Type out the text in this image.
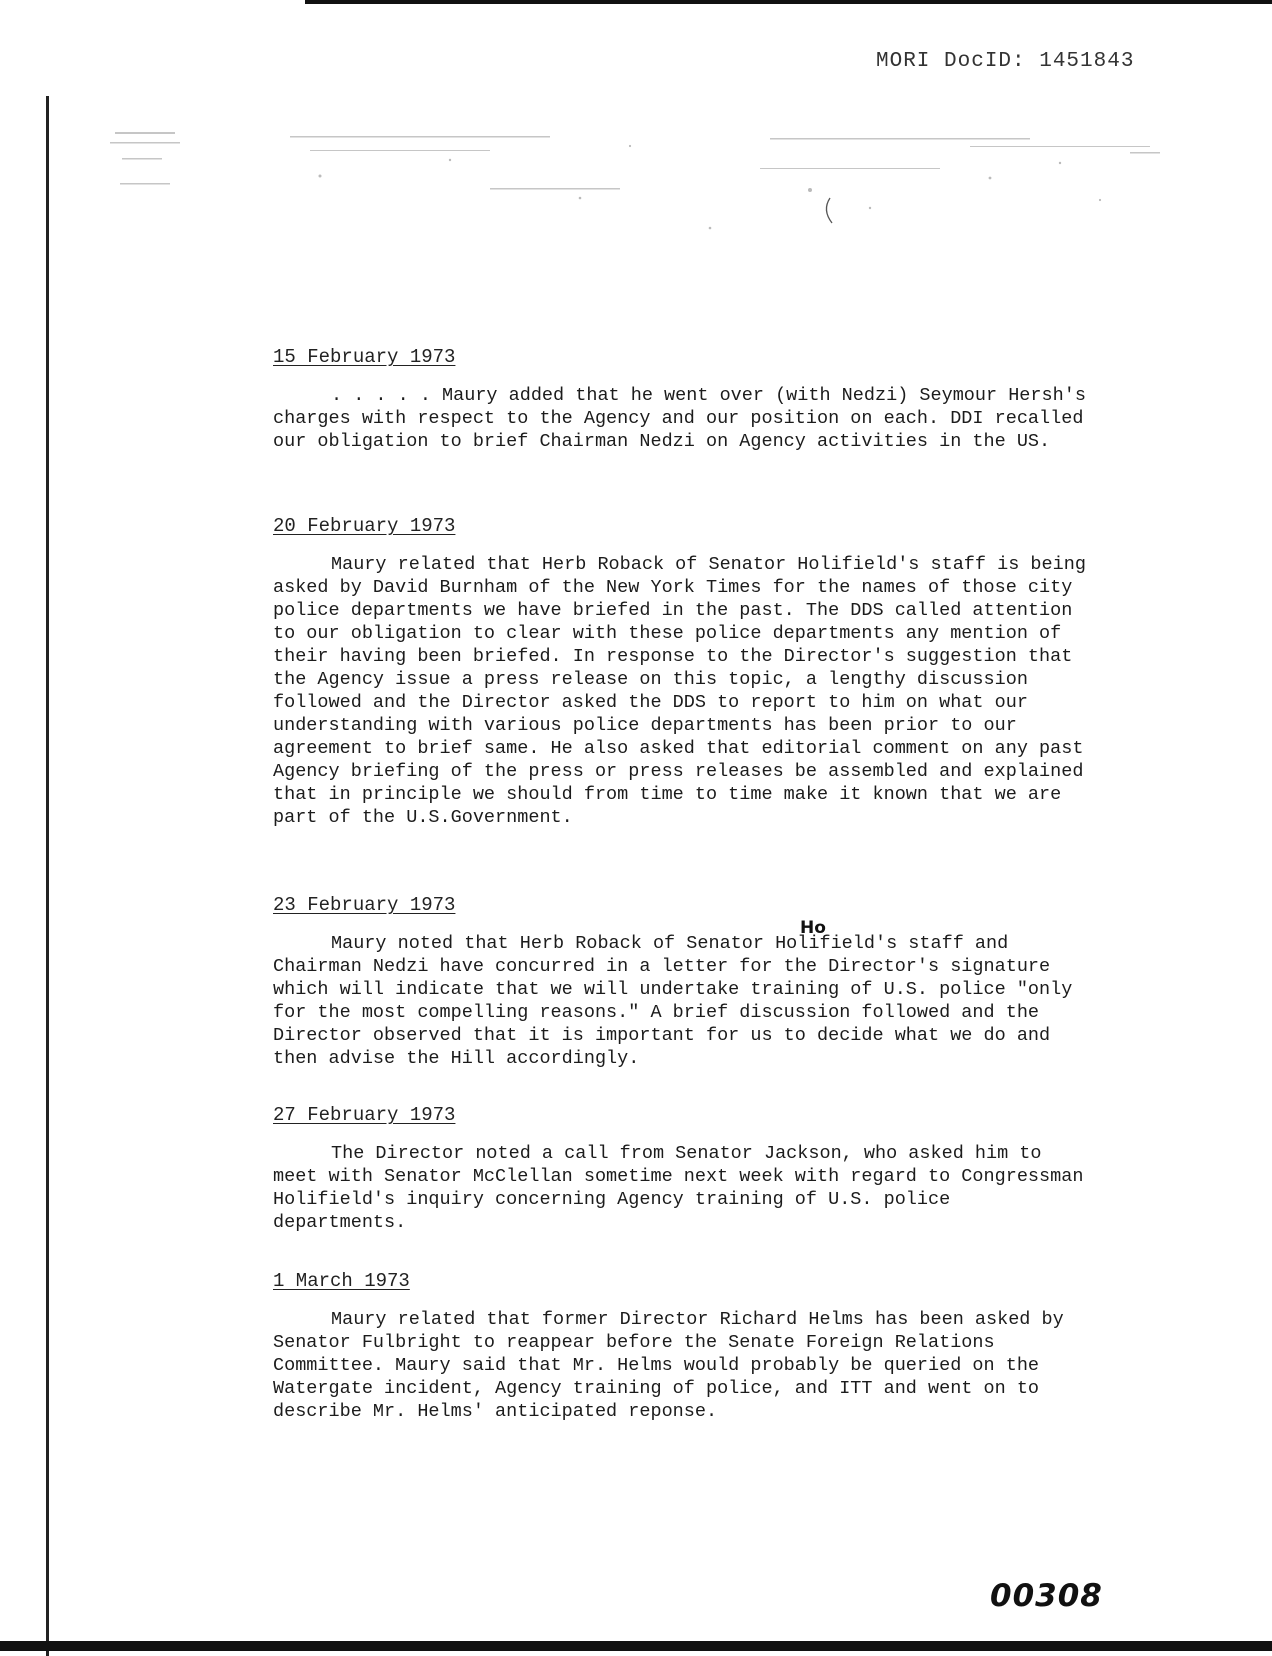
MORI DocID: 1451843
15 February 1973

. . . . . Maury added that he went over (with Nedzi) Seymour Hersh's charges with respect to the Agency and our position on each. DDI recalled our obligation to brief Chairman Nedzi on Agency activities in the US.

20 February 1973

Maury related that Herb Roback of Senator Holifield's staff is being asked by David Burnham of the New York Times for the names of those city police departments we have briefed in the past. The DDS called attention to our obligation to clear with these police departments any mention of their having been briefed. In response to the Director's suggestion that the Agency issue a press release on this topic, a lengthy discussion followed and the Director asked the DDS to report to him on what our understanding with various police departments has been prior to our agreement to brief same. He also asked that editorial comment on any past Agency briefing of the press or press releases be assembled and explained that in principle we should from time to time make it known that we are part of the U.S.Government.

Ho
23 February 1973

Maury noted that Herb Roback of Senator Holifield's staff and Chairman Nedzi have concurred in a letter for the Director's signature which will indicate that we will undertake training of U.S. police "only for the most compelling reasons." A brief discussion followed and the Director observed that it is important for us to decide what we do and then advise the Hill accordingly.

27 February 1973

The Director noted a call from Senator Jackson, who asked him to meet with Senator McClellan sometime next week with regard to Congressman Holifield's inquiry concerning Agency training of U.S. police departments.

1 March 1973

Maury related that former Director Richard Helms has been asked by Senator Fulbright to reappear before the Senate Foreign Relations Committee. Maury said that Mr. Helms would probably be queried on the Watergate incident, Agency training of police, and ITT and went on to describe Mr. Helms' anticipated reponse.

00308
